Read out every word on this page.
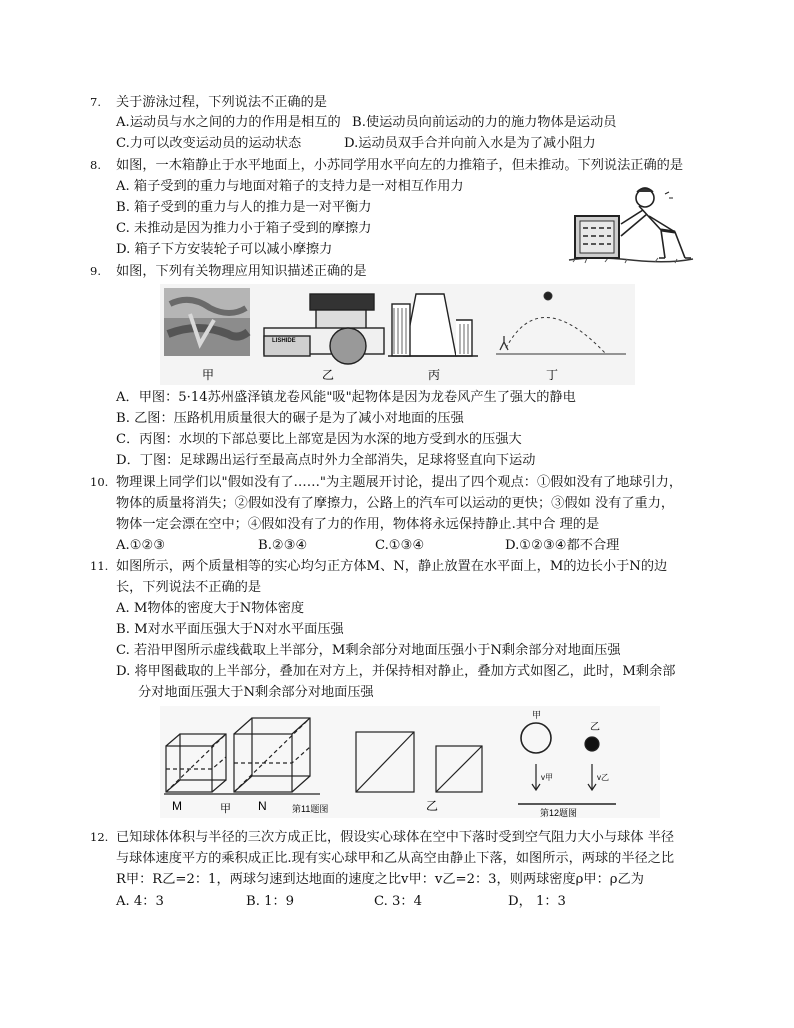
7.	关于游泳过程，下列说法不正确的是
A.运动员与水之间的力的作用是相互的 B.使运动员向前运动的力的施力物体是运动员
C.力可以改变运动员的运动状态	D.运动员双手合并向前入水是为了减小阻力
8.	如图，一木箱静止于水平地面上，小苏同学用水平向左的力推箱子，但未推动。下列说法正确的是
A. 箱子受到的重力与地面对箱子的支持力是一对相互作用力
B. 箱子受到的重力与人的推力是一对平衡力
C. 未推动是因为推力小于箱子受到的摩擦力
D. 箱子下方安装轮子可以减小摩擦力
9.	如图，下列有关物理应用知识描述正确的是
甲
LISHIDE
乙	丙	丁
A．甲图：5·14苏州盛泽镇龙卷风能"吸"起物体是因为龙卷风产生了强大的静电
B. 乙图：压路机用质量很大的碾子是为了减小对地面的压强
C．丙图：水坝的下部总要比上部宽是因为水深的地方受到水的压强大
D．丁图：足球踢出运行至最高点时外力全部消失，足球将竖直向下运动
10. 物理课上同学们以"假如没有了……"为主题展开讨论，提出了四个观点：①假如没有了地球引力，
物体的质量将消失；②假如没有了摩擦力，公路上的汽车可以运动的更快；③假如 没有了重力，
物体一定会漂在空中；④假如没有了力的作用，物体将永远保持静止.其中合 理的是
A.①②③	B.②③④	C.①③④	D.①②③④都不合理
11. 如图所示，两个质量相等的实心均匀正方体M、N，静止放置在水平面上，M的边长小于N的边
长，下列说法不正确的是
A. M物体的密度大于N物体密度
B. M对水平面压强大于N对水平面压强
C. 若沿甲图所示虚线截取上半部分，M剩余部分对地面压强小于N剩余部分对地面压强
D. 将甲图截取的上半部分，叠加在对方上，并保持相对静止，叠加方式如图乙，此时，M剩余部
分对地面压强大于N剩余部分对地面压强
M	甲 N	第11题图	乙
甲
乙
v甲	v乙
第12题图
12. 已知球体体积与半径的三次方成正比，假设实心球体在空中下落时受到空气阻力大小与球体 半径
与球体速度平方的乘积成正比.现有实心球甲和乙从高空由静止下落，如图所示，两球的半径之比
R甲：R乙=2：1，两球匀速到达地面的速度之比v甲：v乙=2：3，则两球密度ρ甲：ρ乙为
A. 4：3	B. 1：9	C. 3：4	D， 1：3
